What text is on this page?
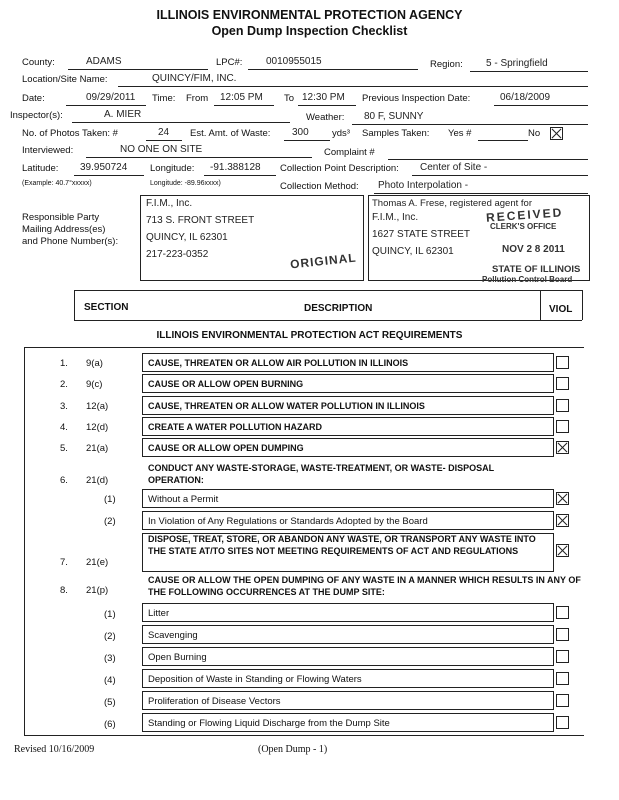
ILLINOIS ENVIRONMENTAL PROTECTION AGENCY
Open Dump Inspection Checklist
County:	ADAMS	LPC#: 0010955015	Region: 5 - Springfield
Location/Site Name:	QUINCY/FIM, INC.
Date:	09/29/2011 Time: From 12:05 PM To 12:30 PM Previous Inspection Date:	06/18/2009
Inspector(s):	A. MIER	Weather: 80 F, SUNNY
No. of Photos Taken: #	24 Est. Amt. of Waste: 300 yds³ Samples Taken: Yes #	No
Interviewed:	NO ONE ON SITE	Complaint #
Latitude: 39.950724 Longitude: -91.388128 Collection Point Description: Center of Site -
(Example: 40.7°xxxxx)	Longitude: -89.96xxxx)	Collection Method: Photo Interpolation -
Responsible Party
Mailing Address(es)
and Phone Number(s):
F.I.M., Inc.
713 S. FRONT STREET
QUINCY, IL 62301
217-223-0352	ORIGINAL
Thomas A. Frese, registered agent for
F.I.M., Inc.
1627 STATE STREET
QUINCY, IL 62301
RECEIVED
CLERK'S OFFICE
NOV 2 8 2011
STATE OF ILLINOIS
Pollution Control Board
SECTION	DESCRIPTION	VIOL
ILLINOIS ENVIRONMENTAL PROTECTION ACT REQUIREMENTS
1. 9(a)	CAUSE, THREATEN OR ALLOW AIR POLLUTION IN ILLINOIS
2. 9(c)	CAUSE OR ALLOW OPEN BURNING
3. 12(a)	CAUSE, THREATEN OR ALLOW WATER POLLUTION IN ILLINOIS
4. 12(d)	CREATE A WATER POLLUTION HAZARD
5. 21(a)	CAUSE OR ALLOW OPEN DUMPING
6. 21(d)
CONDUCT ANY WASTE-STORAGE, WASTE-TREATMENT, OR WASTE- DISPOSAL OPERATION:
(1)	Without a Permit
(2)	In Violation of Any Regulations or Standards Adopted by the Board
7. 21(e)
DISPOSE, TREAT, STORE, OR ABANDON ANY WASTE, OR TRANSPORT ANY WASTE INTO THE STATE AT/TO SITES NOT MEETING REQUIREMENTS OF ACT AND REGULATIONS
8. 21(p)
CAUSE OR ALLOW THE OPEN DUMPING OF ANY WASTE IN A MANNER WHICH RESULTS IN ANY OF THE FOLLOWING OCCURRENCES AT THE DUMP SITE:
(1)	Litter
(2)	Scavenging
(3)	Open Burning
(4)	Deposition of Waste in Standing or Flowing Waters
(5)	Proliferation of Disease Vectors
(6)	Standing or Flowing Liquid Discharge from the Dump Site
Revised 10/16/2009	(Open Dump - 1)
